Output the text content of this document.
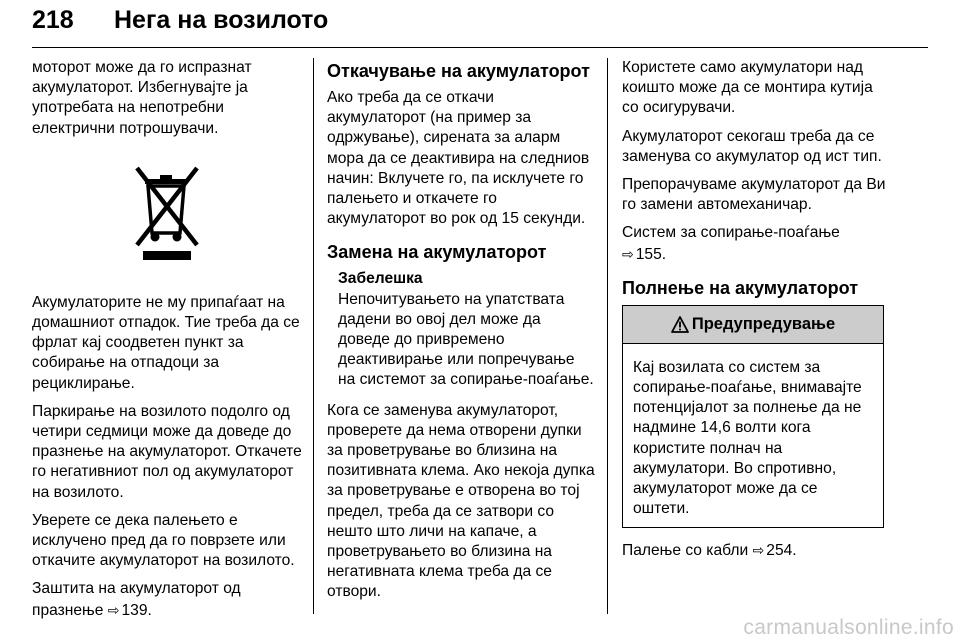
218 Нега на возилото

моторот може да го испразнат акумулаторот. Избегнувајте ја употребата на непотребни електрични потрошувачи.

Акумулаторите не му припаѓаат на домашниот отпадок. Тие треба да се фрлат кај соодветен пункт за собирање на отпадоци за рециклирање.

Паркирање на возилото подолго од четири седмици може да доведе до празнење на акумулаторот. Откачете го негативниот пол од акумулаторот на возилото.

Уверете се дека палењето е исклучено пред да го поврзете или откачите акумулаторот на возилото.

Заштита на акумулаторот од празнење ⇨ 139.

Откачување на акумулаторот

Ако треба да се откачи акумулаторот (на пример за одржување), сирената за аларм мора да се деактивира на следниов начин: Вклучете го, па исклучете го палењето и откачете го акумулаторот во рок од 15 секунди.

Замена на акумулаторот
Забелешка
Непочитувањето на упатствата дадени во овој дел може да доведе до привремено деактивирање или попречување на системот за сопирање-поаѓање.

Кога се заменува акумулаторот, проверете да нема отворени дупки за проветрување во близина на позитивната клема. Ако некоја дупка за проветрување е отворена во тој предел, треба да се затвори со нешто што личи на капаче, а проветрувањето во близина на негативната клема треба да се отвори.

Користете само акумулатори над коишто може да се монтира кутија со осигурувачи.

Акумулаторот секогаш треба да се заменува со акумулатор од ист тип.

Препорачуваме акумулаторот да Ви го замени автомеханичар.

Систем за сопирање-поаѓање
⇨ 155.

Полнење на акумулаторот
Предупредување
Кај возилата со систем за сопирање-поаѓање, внимавајте потенцијалот за полнење да не надмине 14,6 волти кога користите полнач на акумулатори. Во спротивно, акумулаторот може да се оштети.

Палење со кабли ⇨ 254.

carmanualsonline.info
